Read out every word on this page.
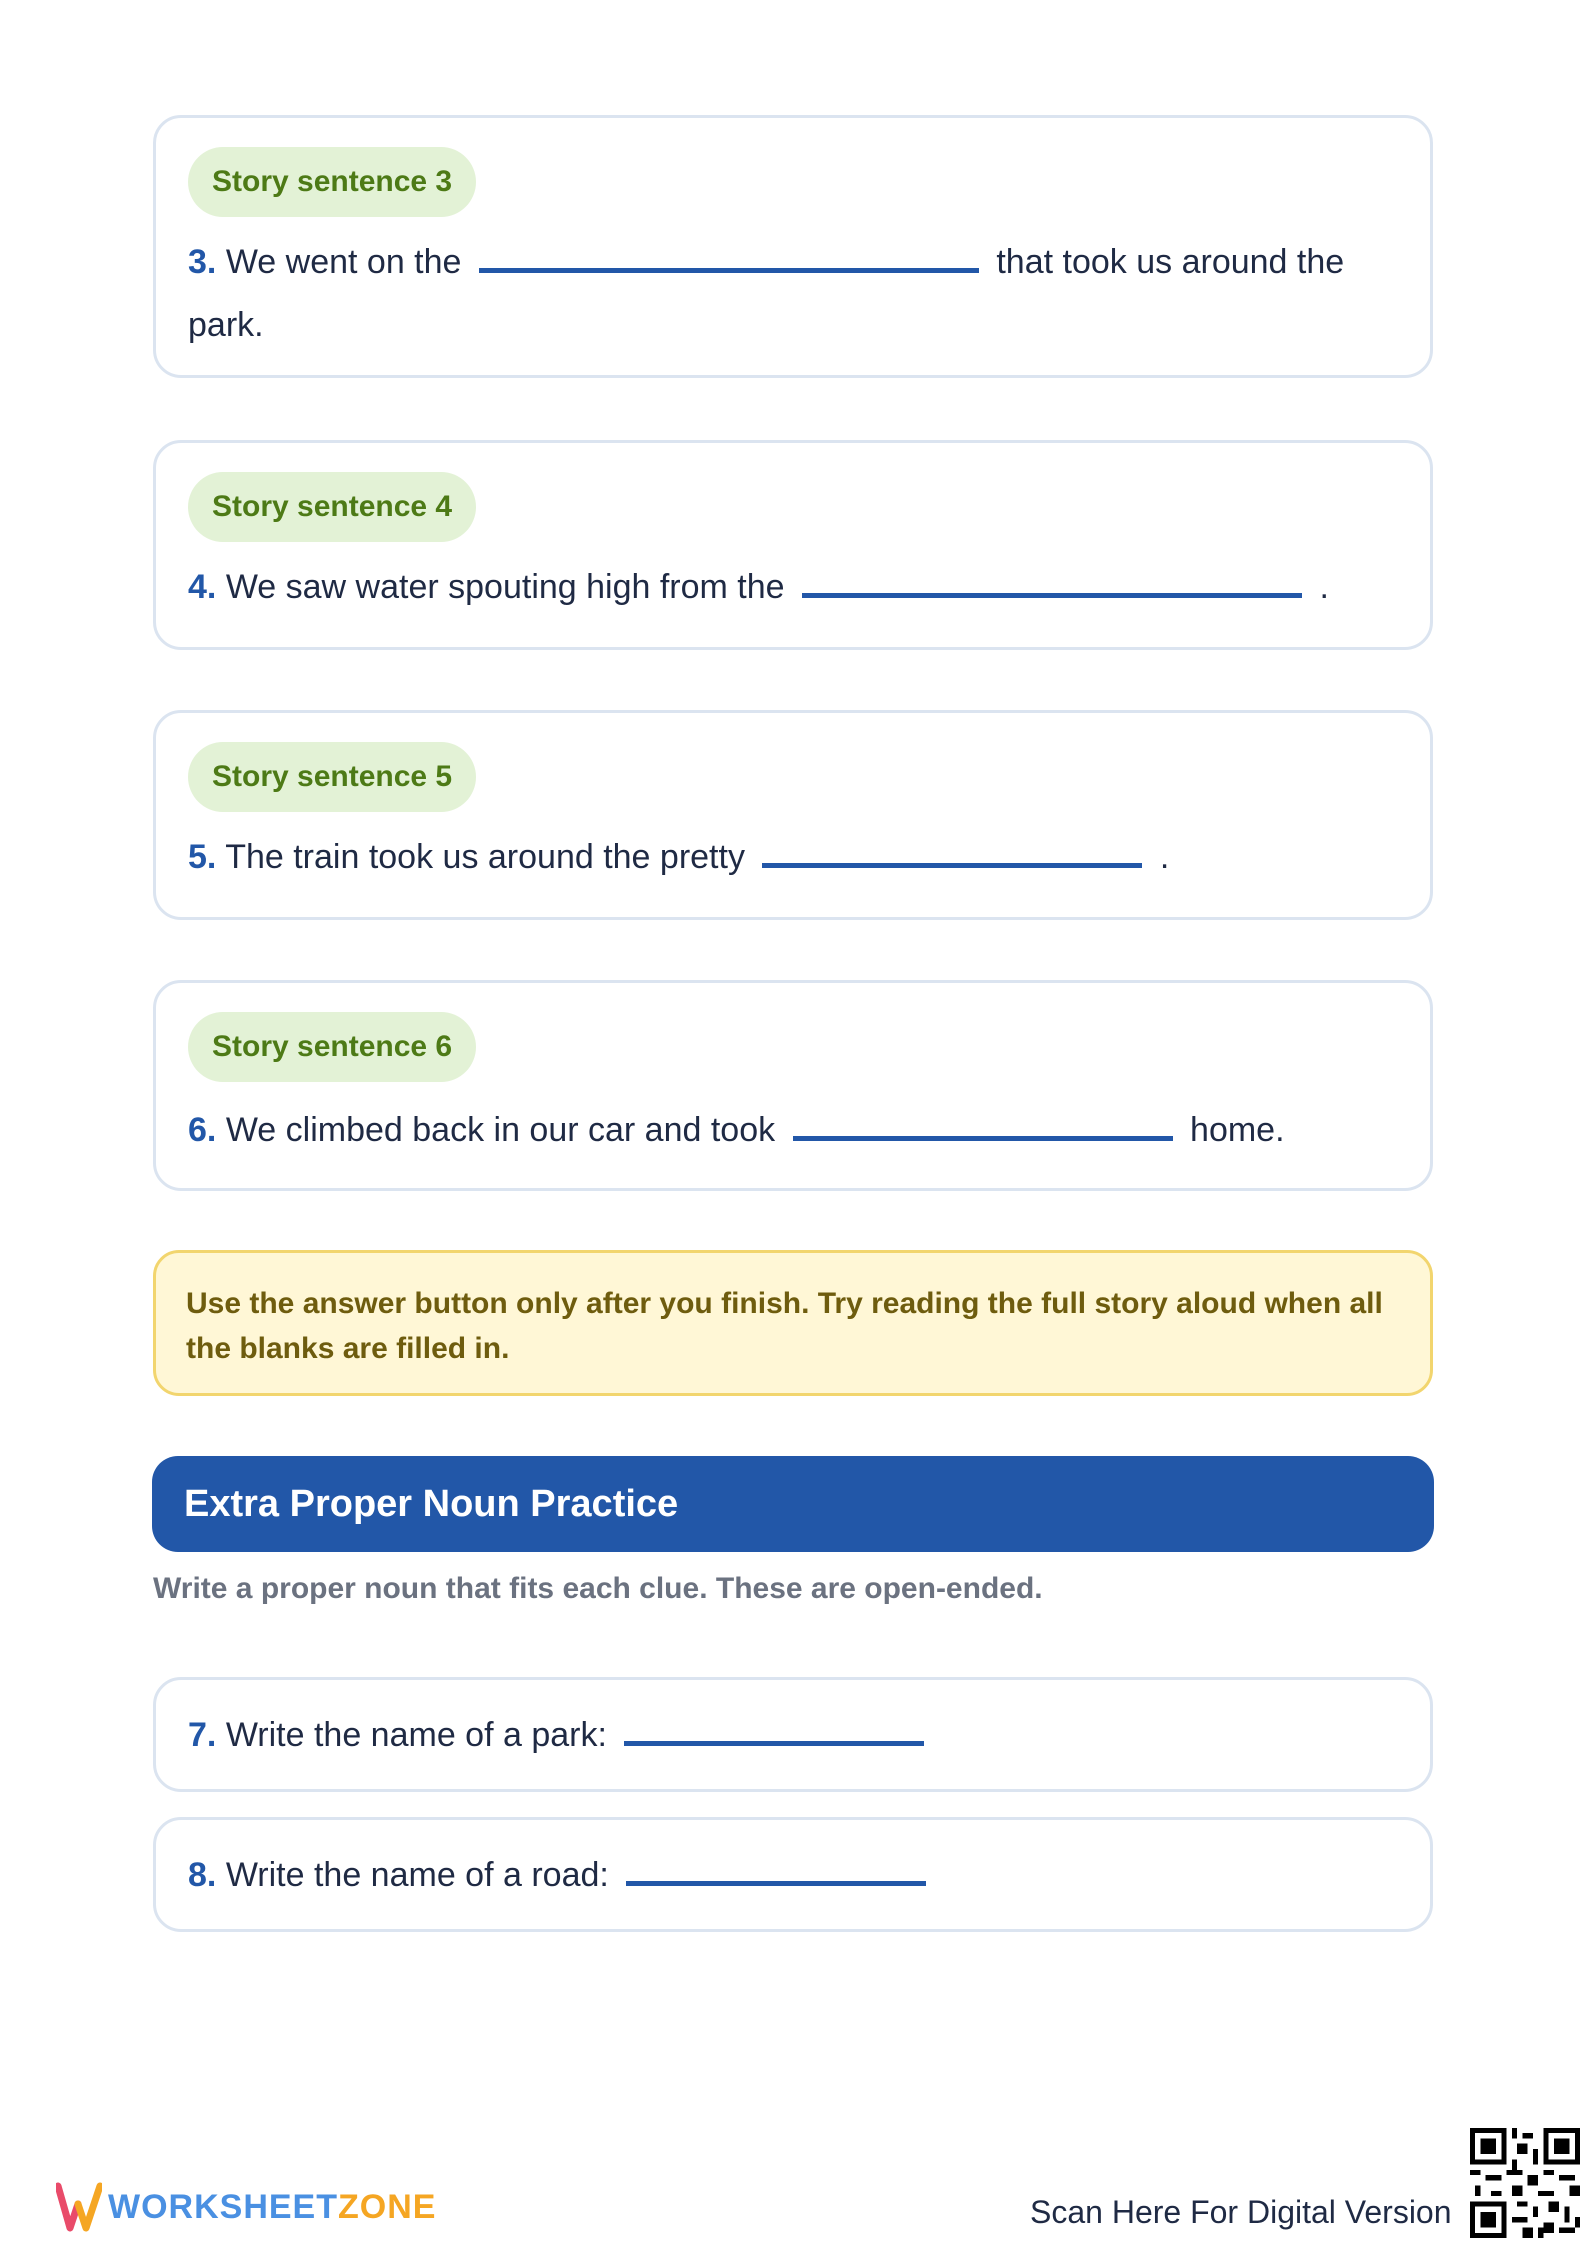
Story sentence 3
3. We went on the	that took us around the
park.
Story sentence 4
4. We saw water spouting high from the	.
Story sentence 5
5. The train took us around the pretty	.
Story sentence 6
6. We climbed back in our car and took	home.
Use the answer button only after you finish. Try reading the full story aloud when all the blanks are filled in.
Extra Proper Noun Practice
Write a proper noun that fits each clue. These are open-ended.
7. Write the name of a park:
8. Write the name of a road:
WORKSHEETZONE	Scan Here For Digital Version
